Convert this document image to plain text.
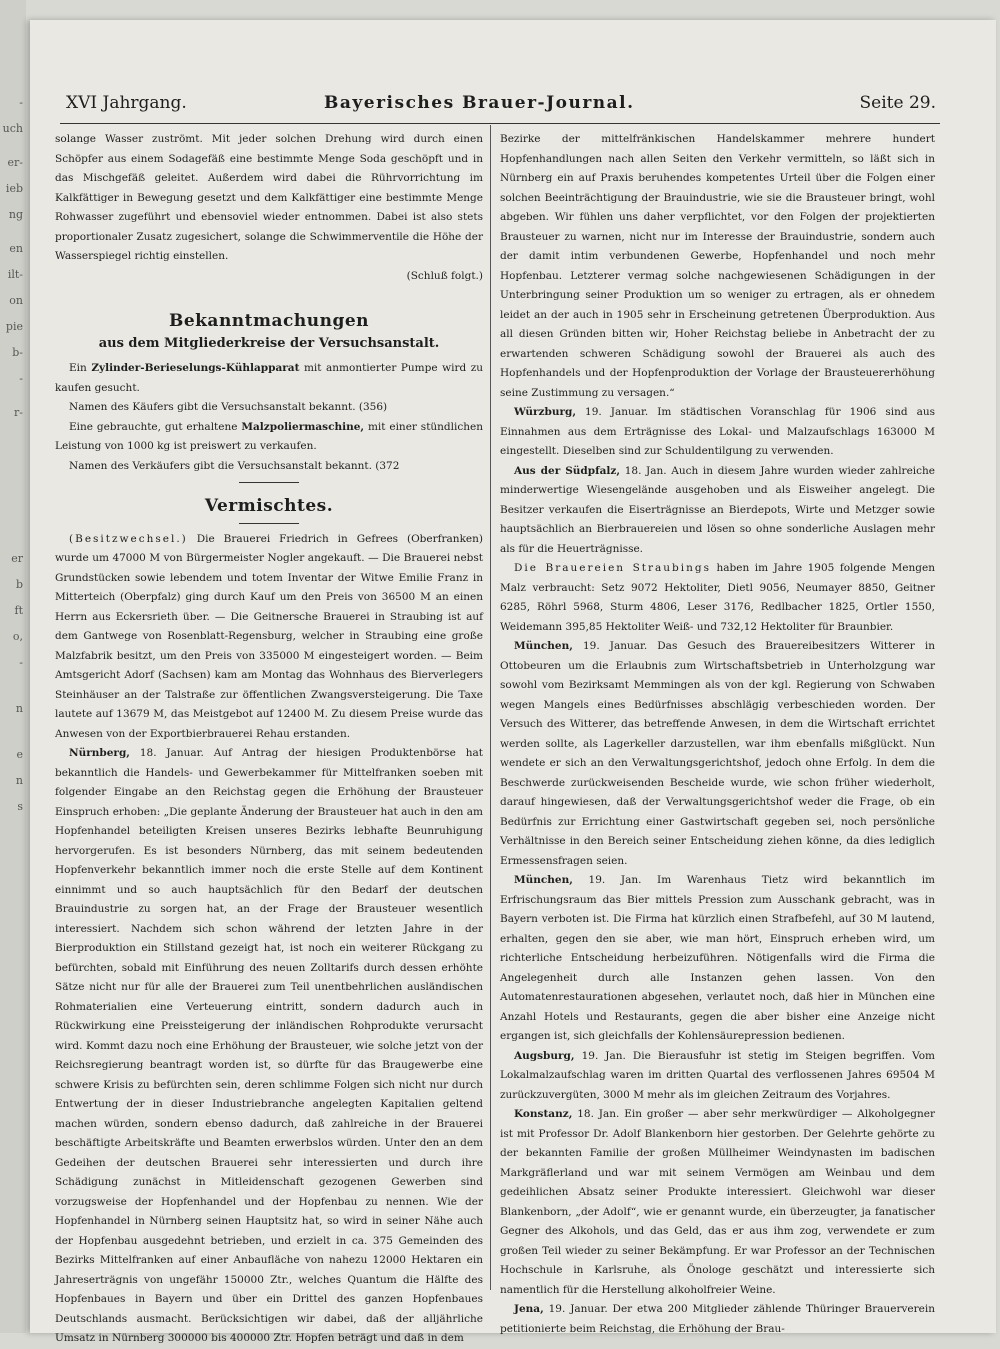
-
uch
er-
ieb
ng
en
ilt-
on
pie
b-
-
r-
er
b
ft
o,
-
n
e
n
s
XVI Jahrgang.	Bayerisches Brauer-Journal.	Seite 29.

solange Wasser zuströmt. Mit jeder solchen Drehung wird durch einen Schöpfer aus einem Sodagefäß eine bestimmte Menge Soda geschöpft und in das Mischgefäß geleitet. Außerdem wird dabei die Rührvorrichtung im Kalkfättiger in Bewegung gesetzt und dem Kalkfättiger eine bestimmte Menge Rohwasser zugeführt und ebensoviel wieder entnommen. Dabei ist also stets proportionaler Zusatz zugesichert, solange die Schwimmerventile die Höhe der Wasserspiegel richtig einstellen.

(Schluß folgt.)
Bekanntmachungen
aus dem Mitgliederkreise der Versuchsanstalt.

Ein Zylinder-Berieselungs-Kühlapparat mit anmontierter Pumpe wird zu kaufen gesucht.

Namen des Käufers gibt die Versuchsanstalt bekannt. (356)

Eine gebrauchte, gut erhaltene Malzpoliermaschine, mit einer stündlichen Leistung von 1000 kg ist preiswert zu verkaufen.

Namen des Verkäufers gibt die Versuchsanstalt bekannt. (372

Vermischtes.

(Besitzwechsel.) Die Brauerei Friedrich in Gefrees (Oberfranken) wurde um 47000 M von Bürgermeister Nogler angekauft. — Die Brauerei nebst Grundstücken sowie lebendem und totem Inventar der Witwe Emilie Franz in Mitterteich (Oberpfalz) ging durch Kauf um den Preis von 36500 M an einen Herrn aus Eckersrieth über. — Die Geitnersche Brauerei in Straubing ist auf dem Gantwege von Rosenblatt-Regensburg, welcher in Straubing eine große Malzfabrik besitzt, um den Preis von 335000 M eingesteigert worden. — Beim Amtsgericht Adorf (Sachsen) kam am Montag das Wohnhaus des Bierverlegers Steinhäuser an der Talstraße zur öffentlichen Zwangsversteigerung. Die Taxe lautete auf 13679 M, das Meistgebot auf 12400 M. Zu diesem Preise wurde das Anwesen von der Exportbierbrauerei Rehau erstanden.

Nürnberg, 18. Januar. Auf Antrag der hiesigen Produktenbörse hat bekanntlich die Handels- und Gewerbekammer für Mittelfranken soeben mit folgender Eingabe an den Reichstag gegen die Erhöhung der Brausteuer Einspruch erhoben: „Die geplante Änderung der Brausteuer hat auch in den am Hopfenhandel beteiligten Kreisen unseres Bezirks lebhafte Beunruhigung hervorgerufen. Es ist besonders Nürnberg, das mit seinem bedeutenden Hopfenverkehr bekanntlich immer noch die erste Stelle auf dem Kontinent einnimmt und so auch hauptsächlich für den Bedarf der deutschen Brauindustrie zu sorgen hat, an der Frage der Brausteuer wesentlich interessiert. Nachdem sich schon während der letzten Jahre in der Bierproduktion ein Stillstand gezeigt hat, ist noch ein weiterer Rückgang zu befürchten, sobald mit Einführung des neuen Zolltarifs durch dessen erhöhte Sätze nicht nur für alle der Brauerei zum Teil unentbehrlichen ausländischen Rohmaterialien eine Verteuerung eintritt, sondern dadurch auch in Rückwirkung eine Preissteigerung der inländischen Rohprodukte verursacht wird. Kommt dazu noch eine Erhöhung der Brausteuer, wie solche jetzt von der Reichsregierung beantragt worden ist, so dürfte für das Braugewerbe eine schwere Krisis zu befürchten sein, deren schlimme Folgen sich nicht nur durch Entwertung der in dieser Industriebranche angelegten Kapitalien geltend machen würden, sondern ebenso dadurch, daß zahlreiche in der Brauerei beschäftigte Arbeitskräfte und Beamten erwerbslos würden. Unter den an dem Gedeihen der deutschen Brauerei sehr interessierten und durch ihre Schädigung zunächst in Mitleidenschaft gezogenen Gewerben sind vorzugsweise der Hopfenhandel und der Hopfenbau zu nennen. Wie der Hopfenhandel in Nürnberg seinen Hauptsitz hat, so wird in seiner Nähe auch der Hopfenbau ausgedehnt betrieben, und erzielt in ca. 375 Gemeinden des Bezirks Mittelfranken auf einer Anbaufläche von nahezu 12000 Hektaren ein Jahreserträgnis von ungefähr 150000 Ztr., welches Quantum die Hälfte des Hopfenbaues in Bayern und über ein Drittel des ganzen Hopfenbaues Deutschlands ausmacht. Berücksichtigen wir dabei, daß der alljährliche Umsatz in Nürnberg 300000 bis 400000 Ztr. Hopfen beträgt und daß in dem

Bezirke der mittelfränkischen Handelskammer mehrere hundert Hopfenhandlungen nach allen Seiten den Verkehr vermitteln, so läßt sich in Nürnberg ein auf Praxis beruhendes kompetentes Urteil über die Folgen einer solchen Beeinträchtigung der Brauindustrie, wie sie die Brausteuer bringt, wohl abgeben. Wir fühlen uns daher verpflichtet, vor den Folgen der projektierten Brausteuer zu warnen, nicht nur im Interesse der Brauindustrie, sondern auch der damit intim verbundenen Gewerbe, Hopfenhandel und noch mehr Hopfenbau. Letzterer vermag solche nachgewiesenen Schädigungen in der Unterbringung seiner Produktion um so weniger zu ertragen, als er ohnedem leidet an der auch in 1905 sehr in Erscheinung getretenen Überproduktion. Aus all diesen Gründen bitten wir, Hoher Reichstag beliebe in Anbetracht der zu erwartenden schweren Schädigung sowohl der Brauerei als auch des Hopfenhandels und der Hopfenproduktion der Vorlage der Brausteuererhöhung seine Zustimmung zu versagen.“

Würzburg, 19. Januar. Im städtischen Voranschlag für 1906 sind aus Einnahmen aus dem Erträgnisse des Lokal- und Malzaufschlags 163000 M eingestellt. Dieselben sind zur Schuldentilgung zu verwenden.

Aus der Südpfalz, 18. Jan. Auch in diesem Jahre wurden wieder zahlreiche minderwertige Wiesengelände ausgehoben und als Eisweiher angelegt. Die Besitzer verkaufen die Eiserträgnisse an Bierdepots, Wirte und Metzger sowie hauptsächlich an Bierbrauereien und lösen so ohne sonderliche Auslagen mehr als für die Heuerträgnisse.

Die Brauereien Straubings haben im Jahre 1905 folgende Mengen Malz verbraucht: Setz 9072 Hektoliter, Dietl 9056, Neumayer 8850, Geitner 6285, Röhrl 5968, Sturm 4806, Leser 3176, Redlbacher 1825, Ortler 1550, Weidemann 395,85 Hektoliter Weiß- und 732,12 Hektoliter für Braunbier.

München, 19. Januar. Das Gesuch des Brauereibesitzers Witterer in Ottobeuren um die Erlaubnis zum Wirtschaftsbetrieb in Unterholzgung war sowohl vom Bezirksamt Memmingen als von der kgl. Regierung von Schwaben wegen Mangels eines Bedürfnisses abschlägig verbeschieden worden. Der Versuch des Witterer, das betreffende Anwesen, in dem die Wirtschaft errichtet werden sollte, als Lagerkeller darzustellen, war ihm ebenfalls mißglückt. Nun wendete er sich an den Verwaltungsgerichtshof, jedoch ohne Erfolg. In dem die Beschwerde zurückweisenden Bescheide wurde, wie schon früher wiederholt, darauf hingewiesen, daß der Verwaltungsgerichtshof weder die Frage, ob ein Bedürfnis zur Errichtung einer Gastwirtschaft gegeben sei, noch persönliche Verhältnisse in den Bereich seiner Entscheidung ziehen könne, da dies lediglich Ermessensfragen seien.

München, 19. Jan. Im Warenhaus Tietz wird bekanntlich im Erfrischungsraum das Bier mittels Pression zum Ausschank gebracht, was in Bayern verboten ist. Die Firma hat kürzlich einen Strafbefehl, auf 30 M lautend, erhalten, gegen den sie aber, wie man hört, Einspruch erheben wird, um richterliche Entscheidung herbeizuführen. Nötigenfalls wird die Firma die Angelegenheit durch alle Instanzen gehen lassen. Von den Automatenrestaurationen abgesehen, verlautet noch, daß hier in München eine Anzahl Hotels und Restaurants, gegen die aber bisher eine Anzeige nicht ergangen ist, sich gleichfalls der Kohlensäurepression bedienen.

Augsburg, 19. Jan. Die Bierausfuhr ist stetig im Steigen begriffen. Vom Lokalmalzaufschlag waren im dritten Quartal des verflossenen Jahres 69504 M zurückzuvergüten, 3000 M mehr als im gleichen Zeitraum des Vorjahres.

Konstanz, 18. Jan. Ein großer — aber sehr merkwürdiger — Alkoholgegner ist mit Professor Dr. Adolf Blankenborn hier gestorben. Der Gelehrte gehörte zu der bekannten Familie der großen Müllheimer Weindynasten im badischen Markgräflerland und war mit seinem Vermögen am Weinbau und dem gedeihlichen Absatz seiner Produkte interessiert. Gleichwohl war dieser Blankenborn, „der Adolf“, wie er genannt wurde, ein überzeugter, ja fanatischer Gegner des Alkohols, und das Geld, das er aus ihm zog, verwendete er zum großen Teil wieder zu seiner Bekämpfung. Er war Professor an der Technischen Hochschule in Karlsruhe, als Önologe geschätzt und interessierte sich namentlich für die Herstellung alkoholfreier Weine.

Jena, 19. Januar. Der etwa 200 Mitglieder zählende Thüringer Brauerverein petitionierte beim Reichstag, die Erhöhung der Brau-
